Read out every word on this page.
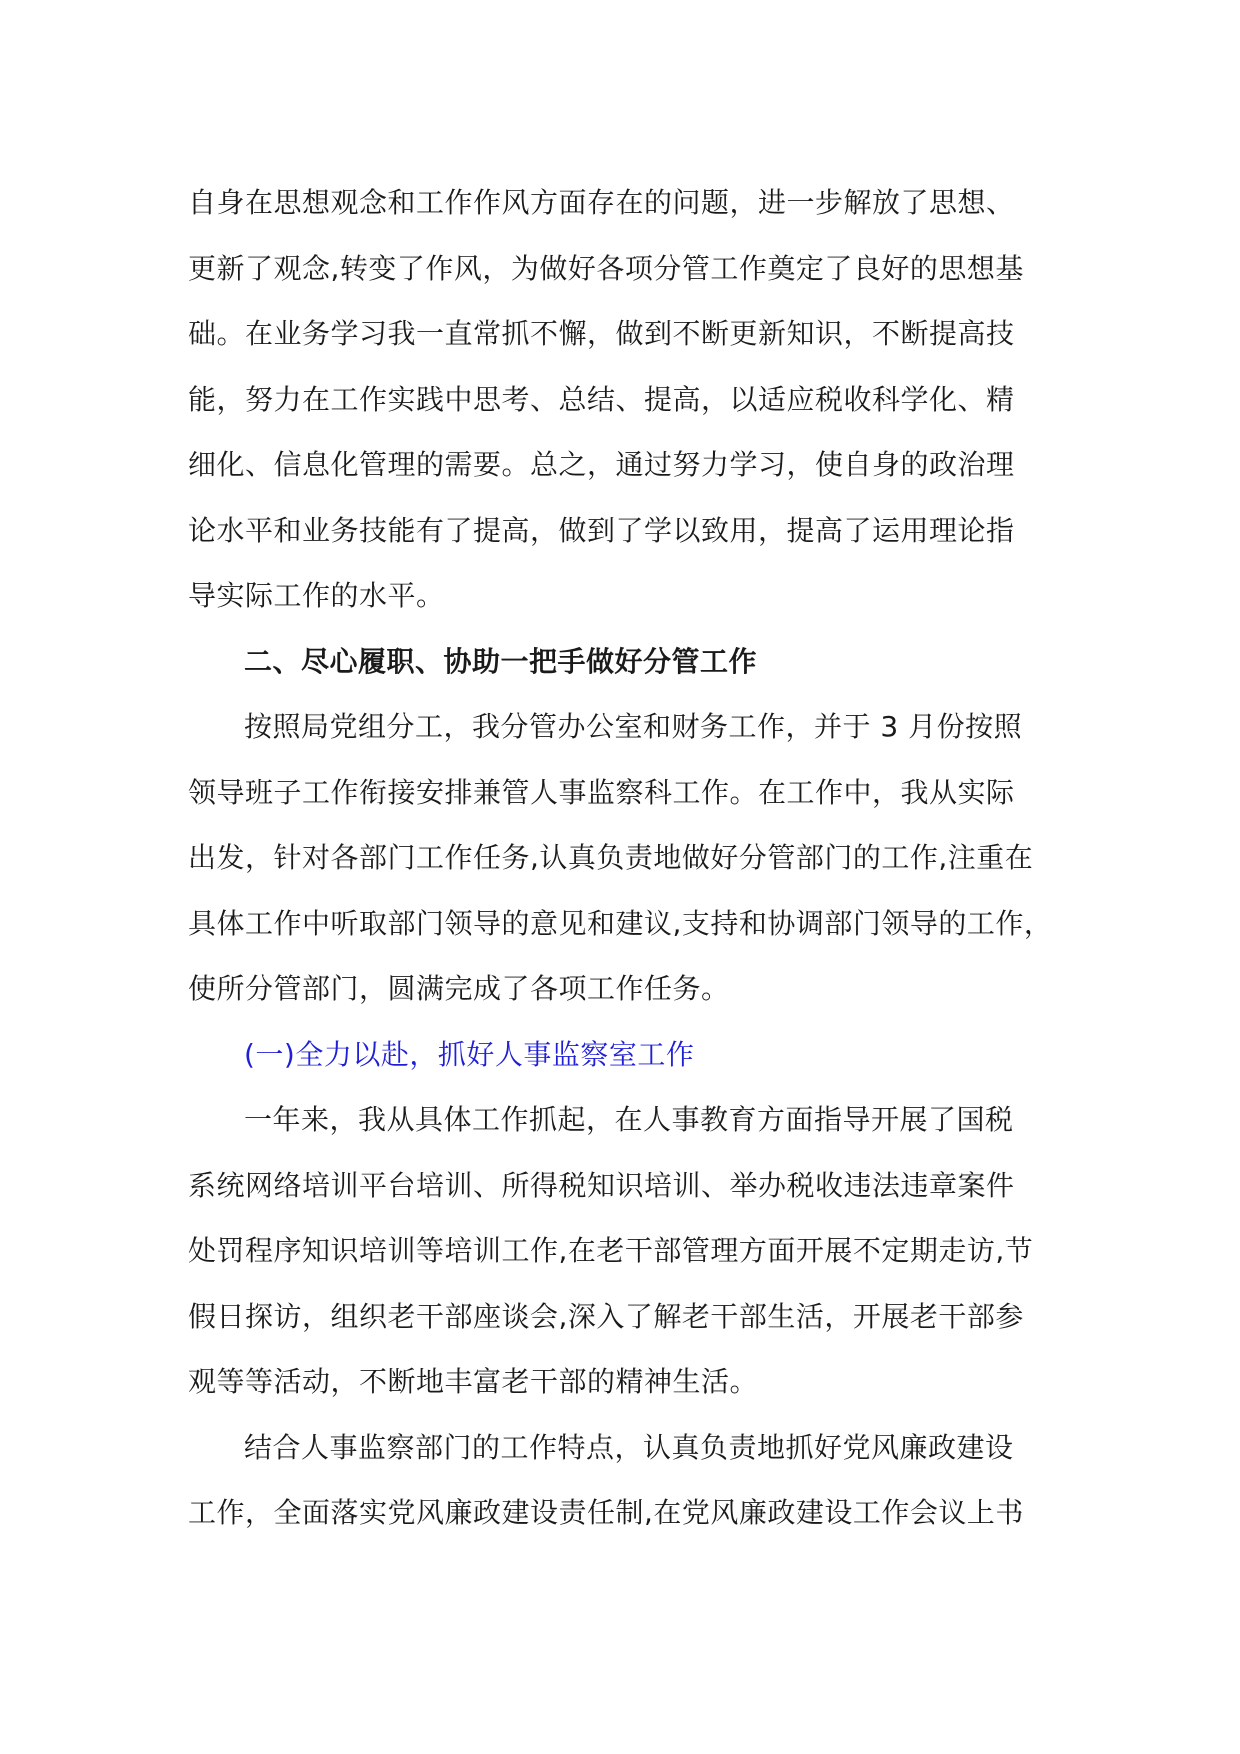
自身在思想观念和工作作风方面存在的问题，进一步解放了思想、
更新了观念,转变了作风，为做好各项分管工作奠定了良好的思想基
础。在业务学习我一直常抓不懈，做到不断更新知识，不断提高技
能，努力在工作实践中思考、总结、提高，以适应税收科学化、精
细化、信息化管理的需要。总之，通过努力学习，使自身的政治理
论水平和业务技能有了提高，做到了学以致用，提高了运用理论指
导实际工作的水平。
二、尽心履职、协助一把手做好分管工作
按照局党组分工，我分管办公室和财务工作，并于 3 月份按照
领导班子工作衔接安排兼管人事监察科工作。在工作中，我从实际
出发，针对各部门工作任务,认真负责地做好分管部门的工作,注重在
具体工作中听取部门领导的意见和建议,支持和协调部门领导的工作，
使所分管部门，圆满完成了各项工作任务。
(一)全力以赴，抓好人事监察室工作
一年来，我从具体工作抓起，在人事教育方面指导开展了国税
系统网络培训平台培训、所得税知识培训、举办税收违法违章案件
处罚程序知识培训等培训工作,在老干部管理方面开展不定期走访,节
假日探访，组织老干部座谈会,深入了解老干部生活，开展老干部参
观等等活动，不断地丰富老干部的精神生活。
结合人事监察部门的工作特点，认真负责地抓好党风廉政建设
工作，全面落实党风廉政建设责任制,在党风廉政建设工作会议上书
